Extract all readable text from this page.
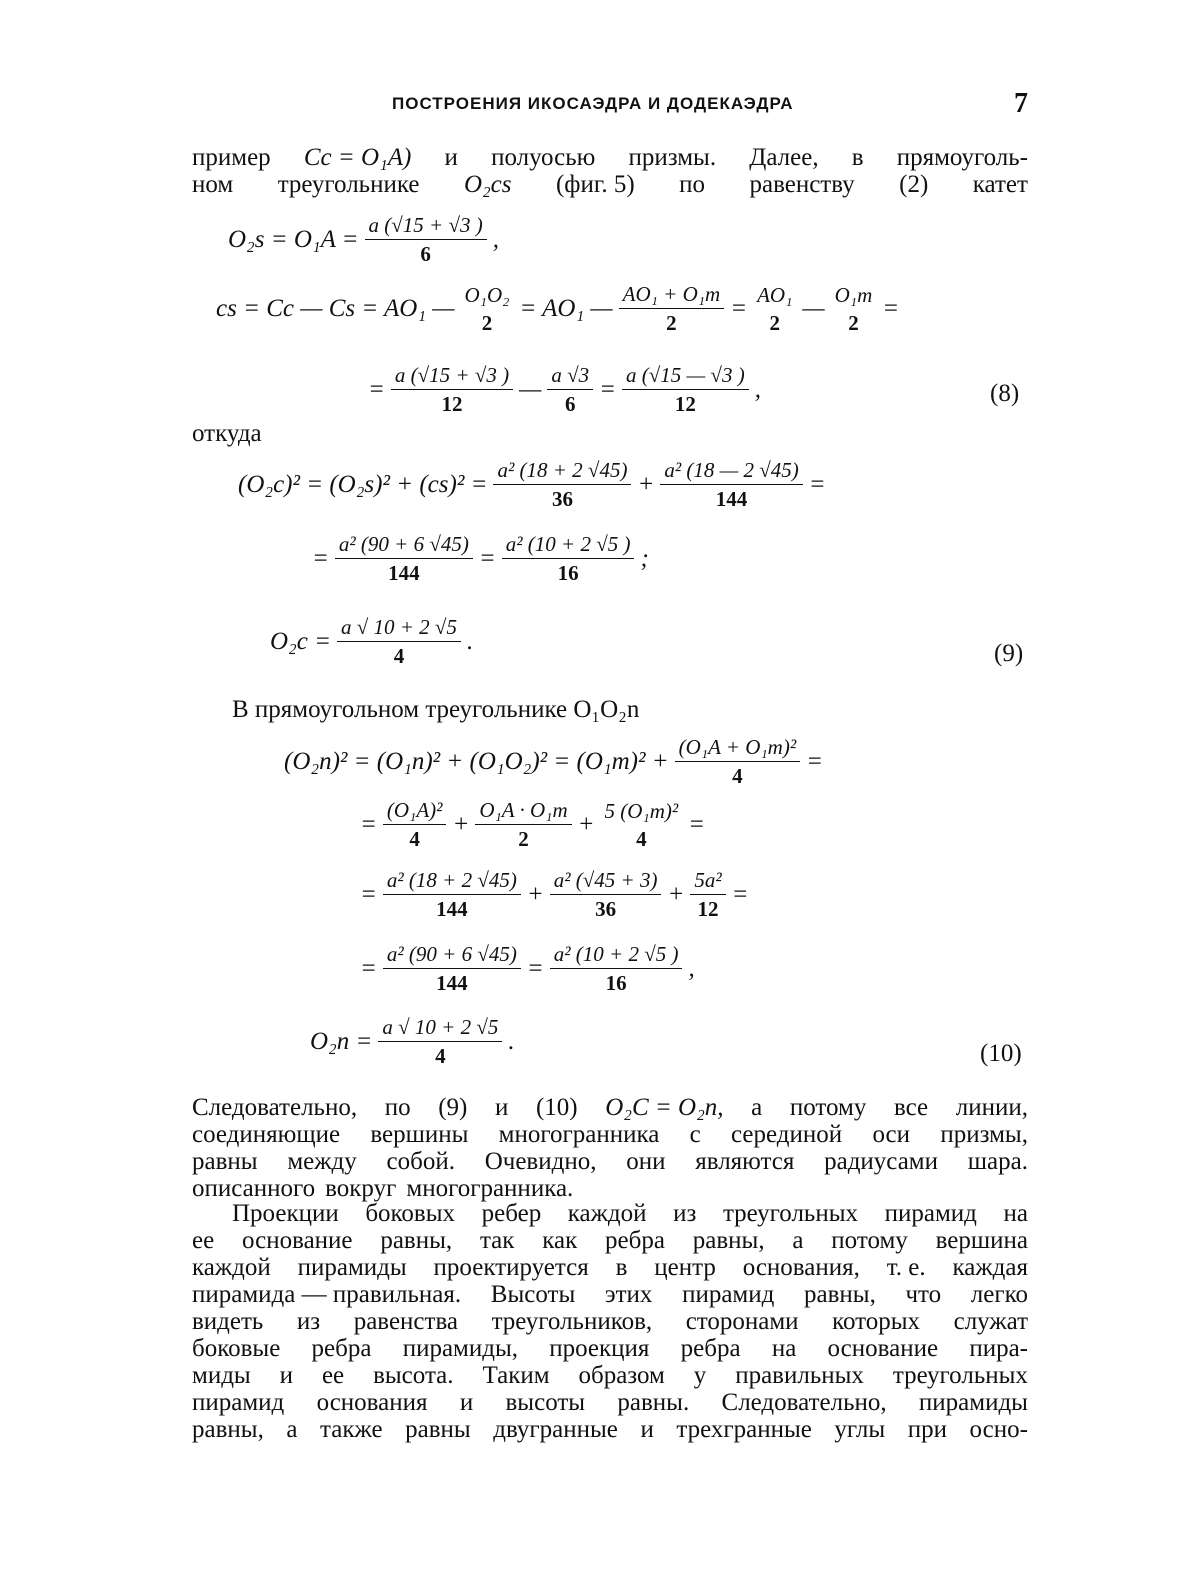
ПОСТРОЕНИЯ ИКОСАЭДРА И ДОДЕКАЭДРА	7
пример Cc = O₁A) и полуосью призмы. Далее, в прямоуголь-
ном треугольнике O₂cs (фиг. 5) по равенству (2) катет
$O_2s = O_1A = \frac{a (√15 + √3 )}{6}$ ,
cs = Cc — Cs = AO₁ — O₁O₂
2
= AO₁ — $\frac{\text{AO₁ + O₁m}}{2} = AO_1$
2
— O₁m
2
=
= $\frac{a (√15 + √3 )}{12}$ — $\frac{a √3}{6} = \frac{a (√15 — √3 )}{12}$ ,	(8)
откуда
$(O_2c)^2 = (O_2s)^2 + (cs)^2 = \frac{\text{a² (18 + 2 √45)}}{36} + \frac{\text{a² (18 — 2 √45)}}{144}$ =
= $\frac{\text{a² (90 + 6 √45)}}{144} = \frac{\text{a² (10 + 2 √5 )}}{16}$ ;
$O_2c = \frac{a √ 10 + 2 √5}{4}$ .	(9)
В прямоугольном треугольнике O₁O₂n
$(O_2n)^2 = (O_1n)^2 + (O_1O_2)^2 = (O_1m)^2 + \frac{\text{(O₁A + O₁m)²}}{4}$ =
= $\frac{\text{(O₁A)²}}{4} + \frac{\text{O₁A · O₁m}}{2} + 5$ (O₁m)²
4
=
= $\frac{\text{a² (18 + 2 √45)}}{144} + \frac{\text{a² (√45 + 3)}}{36} + \frac{\text{5a²}}{12}$ =
= $\frac{\text{a² (90 + 6 √45)}}{144} = \frac{\text{a² (10 + 2 √5 )}}{16}$ ,
$O_2n = \frac{a √ 10 + 2 √5}{4}$ .	(10)
Следовательно, по (9) и (10) O₂C = O₂n, а потому все линии,
соединяющие вершины многогранника с серединой оси призмы,
равны между собой. Очевидно, они являются радиусами шара.
описанного вокруг многогранника.
Проекции боковых ребер каждой из треугольных пирамид на
ее основание равны, так как ребра равны, а потому вершина
каждой пирамиды проектируется в центр основания, т. е. каждая
пирамида — правильная. Высоты этих пирамид равны, что легко
видеть из равенства треугольников, сторонами которых служат
боковые ребра пирамиды, проекция ребра на основание пира-
миды и ее высота. Таким образом у правильных треугольных
пирамид основания и высоты равны. Следовательно, пирамиды
равны, а также равны двугранные и трехгранные углы при осно-
